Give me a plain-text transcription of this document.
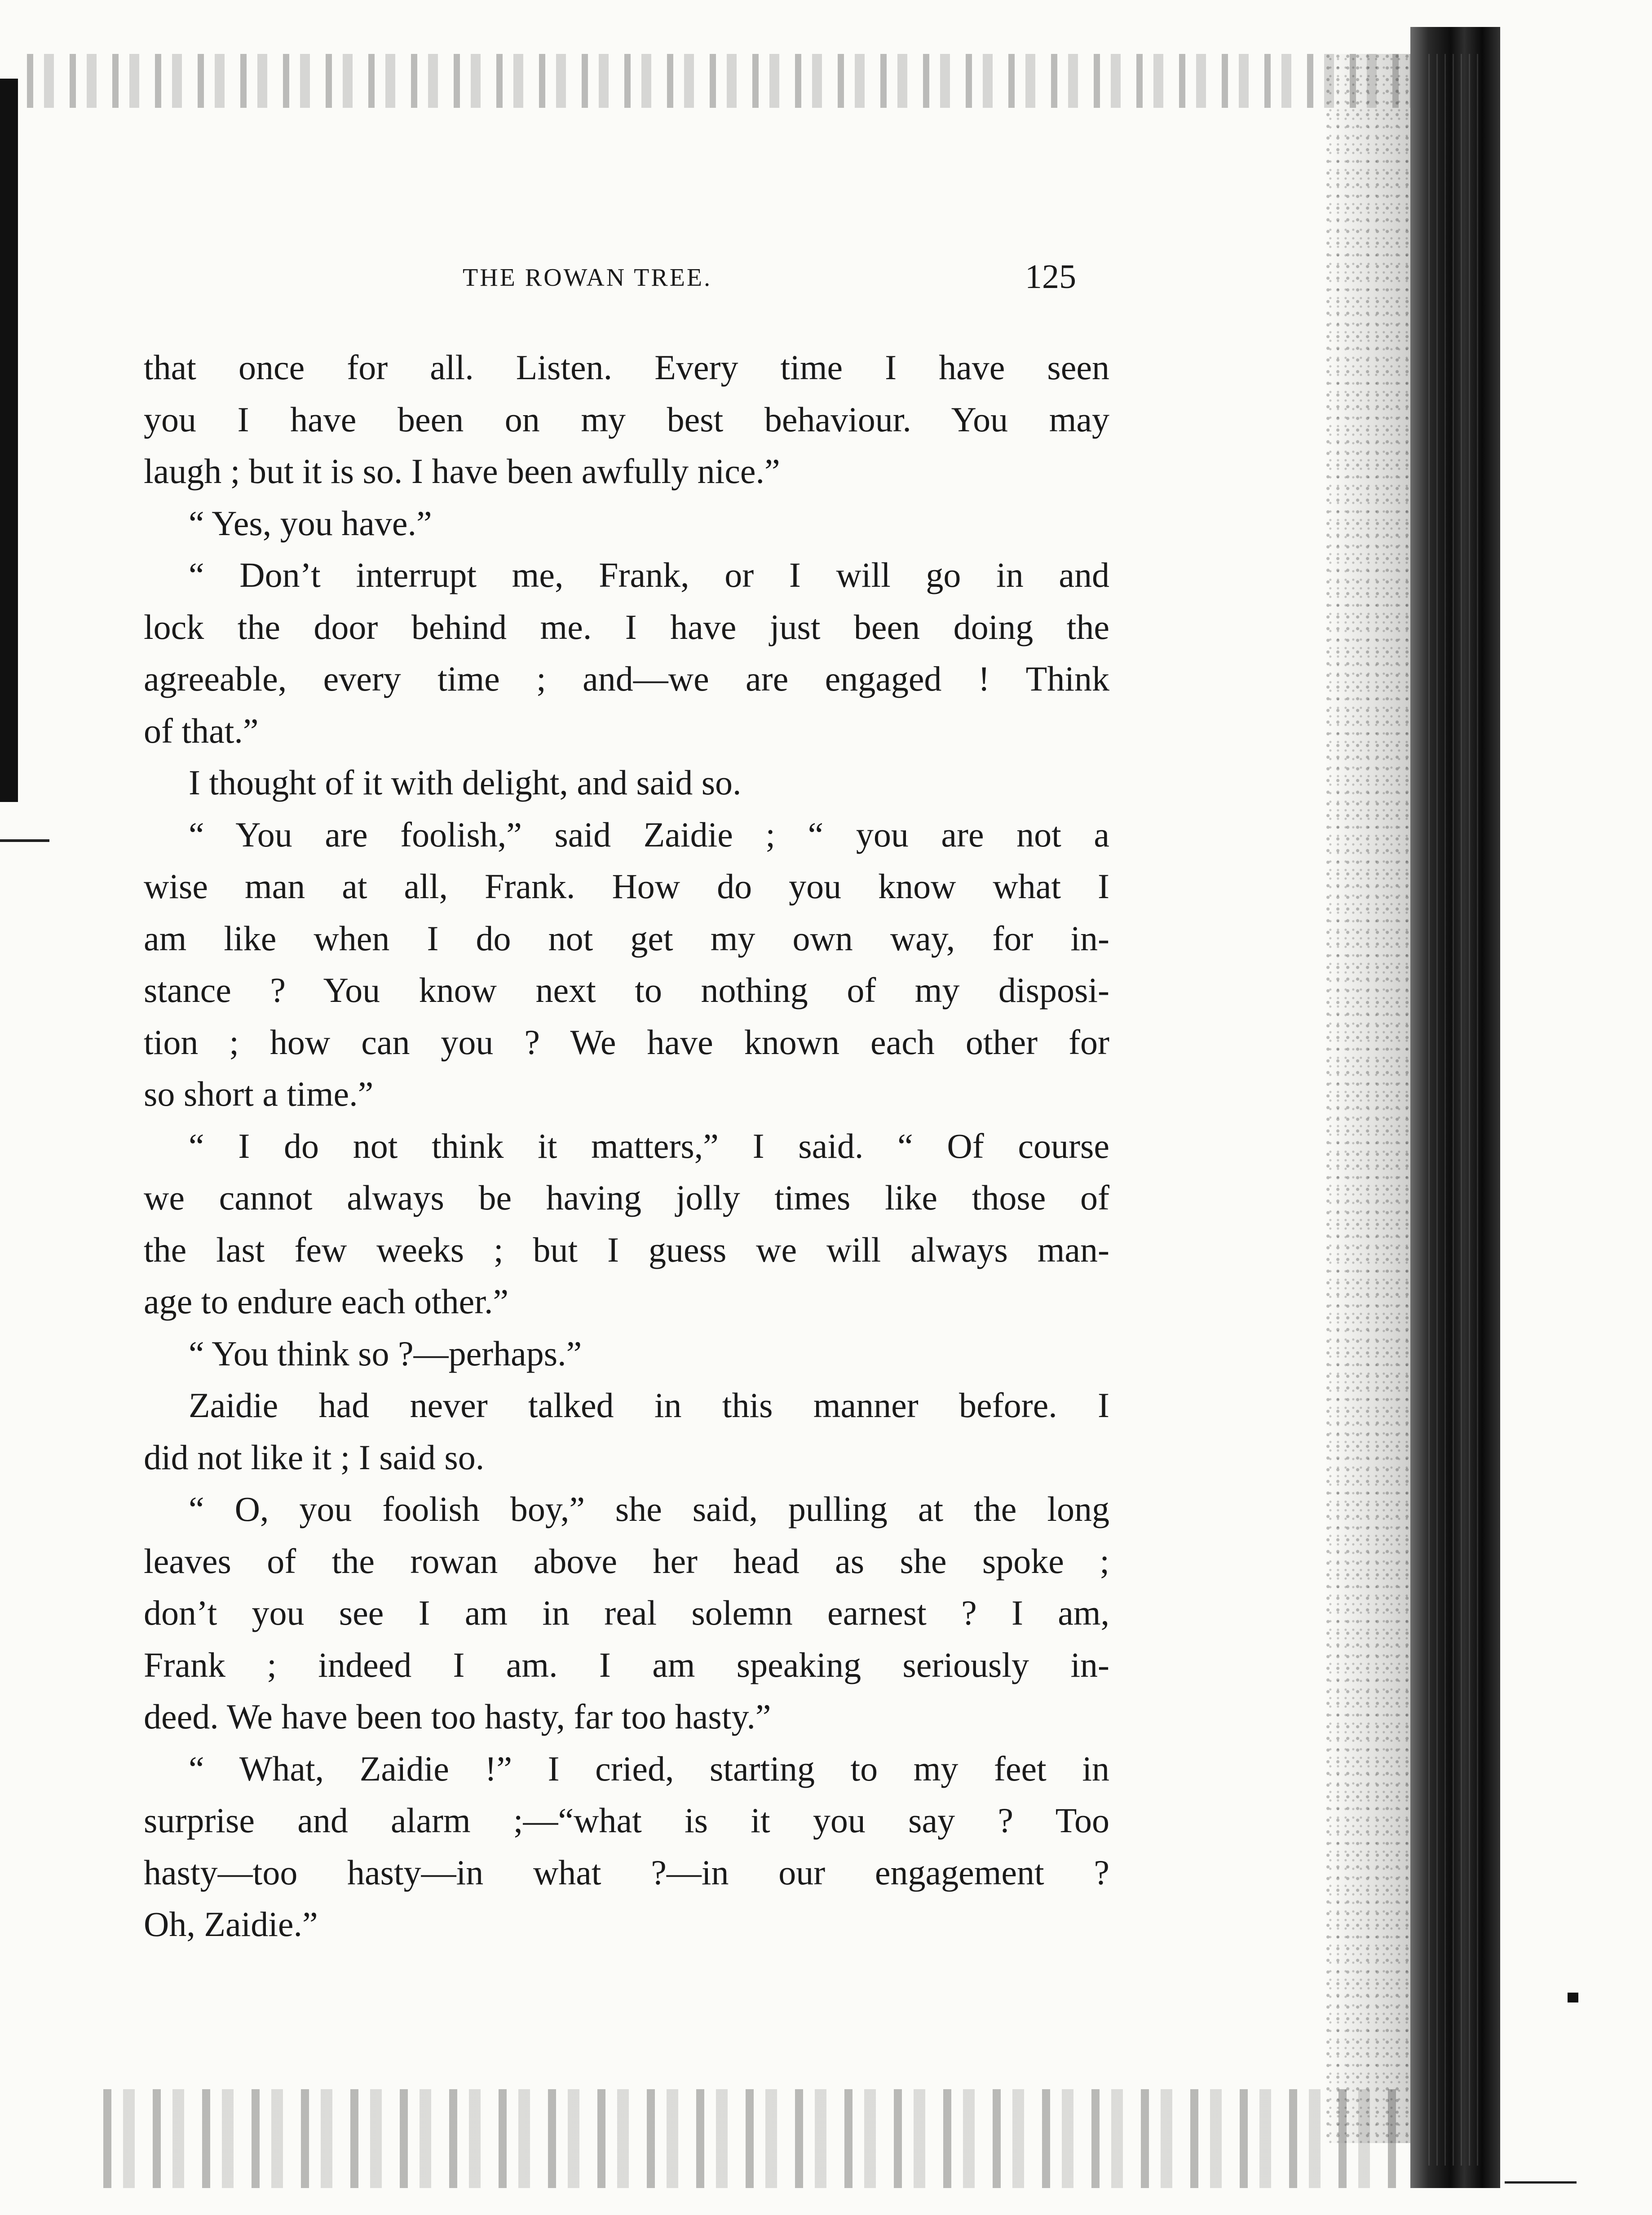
THE ROWAN TREE.	125
that once for all. Listen. Every time I have seen
you I have been on my best behaviour. You may
laugh ; but it is so. I have been awfully nice.”
“ Yes, you have.”
“ Don’t interrupt me, Frank, or I will go in and
lock the door behind me. I have just been doing the
agreeable, every time ; and—we are engaged ! Think
of that.”
I thought of it with delight, and said so.
“ You are foolish,” said Zaidie ; “ you are not a
wise man at all, Frank. How do you know what I
am like when I do not get my own way, for in-
stance ? You know next to nothing of my disposi-
tion ; how can you ? We have known each other for
so short a time.”
“ I do not think it matters,” I said. “ Of course
we cannot always be having jolly times like those of
the last few weeks ; but I guess we will always man-
age to endure each other.”
“ You think so ?—perhaps.”
Zaidie had never talked in this manner before. I
did not like it ; I said so.
“ O, you foolish boy,” she said, pulling at the long
leaves of the rowan above her head as she spoke ;
don’t you see I am in real solemn earnest ? I am,
Frank ; indeed I am. I am speaking seriously in-
deed. We have been too hasty, far too hasty.”
“ What, Zaidie !” I cried, starting to my feet in
surprise and alarm ;—“what is it you say ? Too
hasty—too hasty—in what ?—in our engagement ?
Oh, Zaidie.”
